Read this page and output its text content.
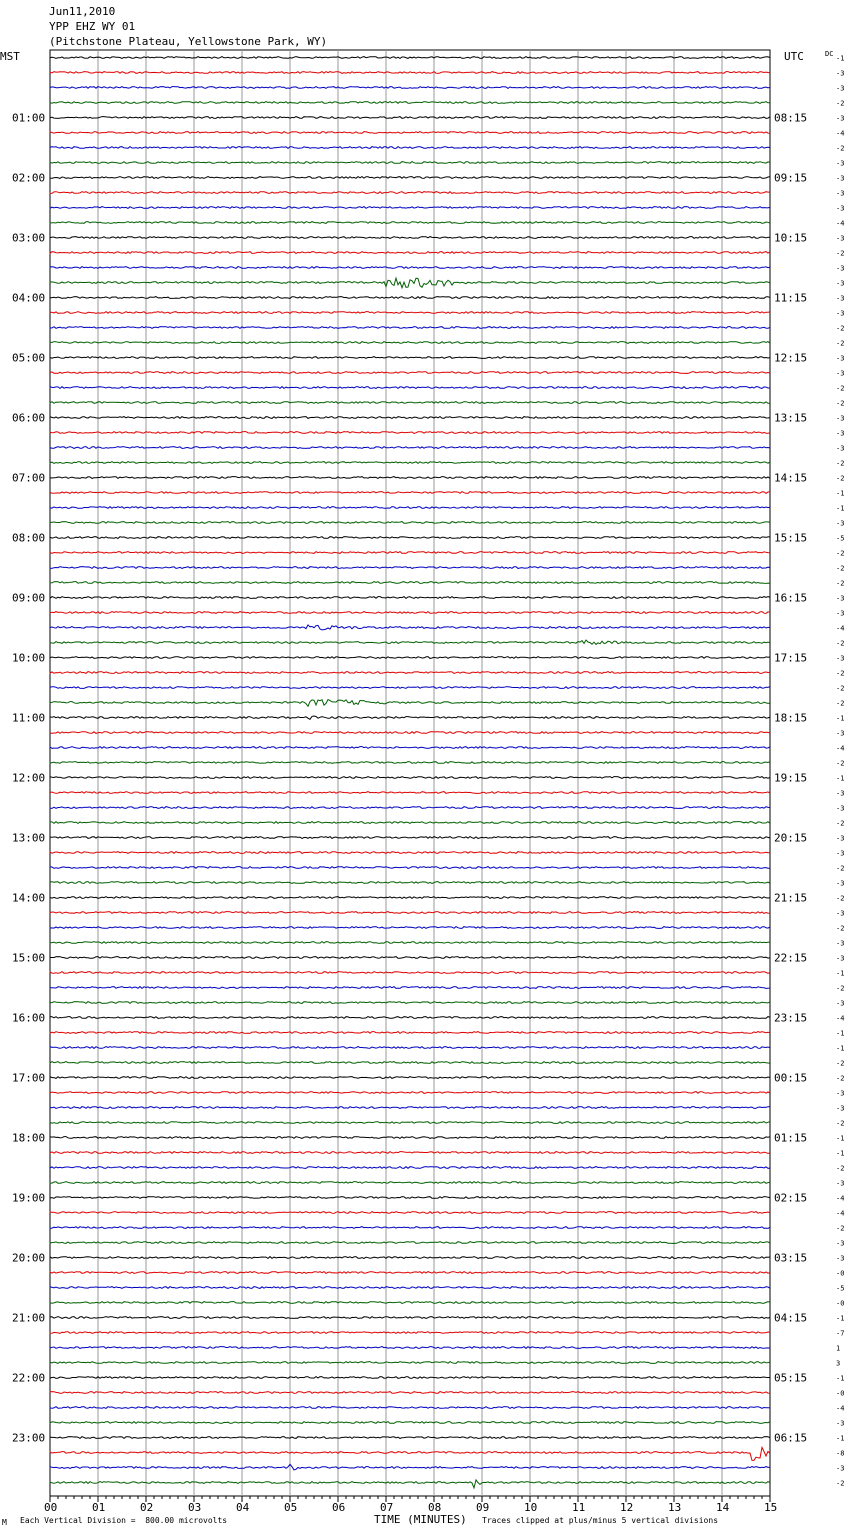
Jun11,2010
YPP EHZ WY 01
(Pitchstone Plateau, Yellowstone Park, WY)
MST	UTC	DC
01:00
02:00
03:00
04:00
05:00
06:00
07:00
08:00
09:00
10:00
11:00
12:00
13:00
14:00
15:00
16:00
17:00
18:00
19:00
20:00
21:00
22:00
23:00
08:15
09:15
10:15
11:15
12:15
13:15
14:15
15:15
16:15
17:15
18:15
19:15
20:15
21:15
22:15
23:15
00:15
01:15
02:15
03:15
04:15
05:15
06:15
-1
-3
-3
-2
-3
-4
-2
-3
-3
-3
-3
-4
-3
-2
-3
-3
-3
-3
-2
-2
-3
-3
-2
-2
-3
-3
-3
-2
-2
-1
-1
-3
-5
-2
-2
-2
-3
-3
-4
-2
-3
-2
-2
-2
-1
-3
-4
-2
-1
-3
-3
-2
-3
-3
-2
-3
-2
-3
-2
-3
-3
-1
-2
-3
-4
-1
-1
-2
-2
-3
-3
-2
-1
-1
-2
-3
-4
-4
-2
-3
-3
-0
-5
-0
-1
-7
1
3
-1
-0
-4
-3
-1
-8
-3
-2
00	01	02	03	04	05	06	07	08	09	10	11	12	13	14	15
M Each Vertical Division =  800.00 microvolts	TIME (MINUTES) Traces clipped at plus/minus 5 vertical divisions
